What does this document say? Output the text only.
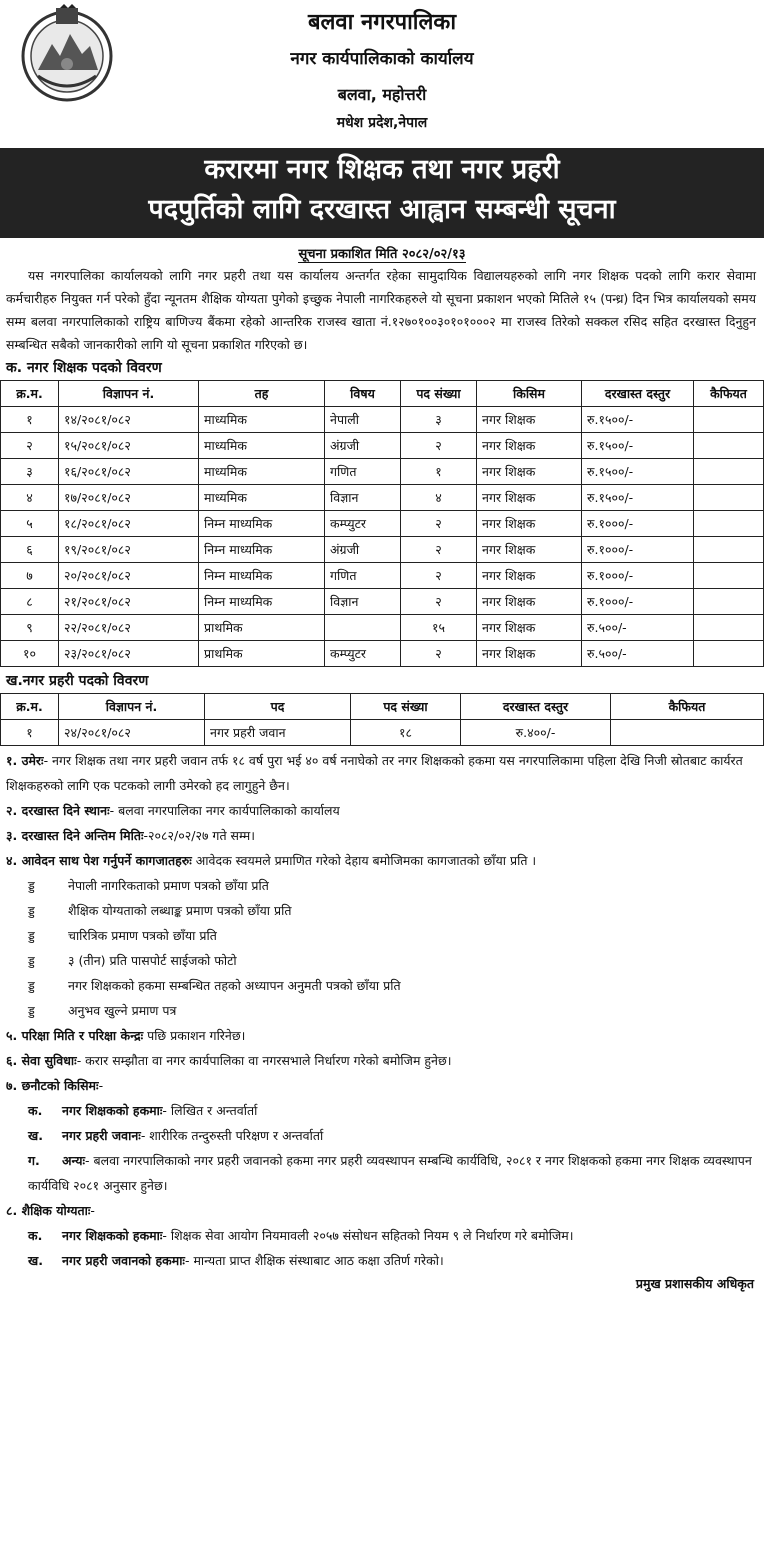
बलवा नगरपालिका
नगर कार्यपालिकाको कार्यालय
बलवा, महोत्तरी
मधेश प्रदेश,नेपाल
करारमा नगर शिक्षक तथा नगर प्रहरी
पदपुर्तिको लागि दरखास्त आह्वान सम्बन्धी सूचना
सूचना प्रकाशित मिति २०८२/०२/१३
यस नगरपालिका कार्यालयको लागि नगर प्रहरी तथा यस कार्यालय अन्तर्गत रहेका सामुदायिक विद्यालयहरुको लागि नगर शिक्षक पदको लागि करार सेवामा कर्मचारीहरु नियुक्त गर्न परेको हुँदा न्यूनतम शैक्षिक योग्यता पुगेको इच्छुक नेपाली नागरिकहरुले यो सूचना प्रकाशन भएको मितिले १५ (पन्ध्र) दिन भित्र कार्यालयको समय सम्म बलवा नगरपालिकाको राष्ट्रिय बाणिज्य बैंकमा रहेको आन्तरिक राजस्व खाता नं.१२७०१००३०१०१०००२ मा राजस्व तिरेको सक्कल रसिद सहित दरखास्त दिनुहुन सम्बन्धित सबैको जानकारीको लागि यो सूचना प्रकाशित गरिएको छ।
क. नगर शिक्षक पदको विवरण
क्र.म.	विज्ञापन नं.	तह	विषय	पद संख्या	किसिम	दरखास्त दस्तुर	कैफियत
१	१४/२०८१/०८२	माध्यमिक	नेपाली	३	नगर शिक्षक	रु.१५००/-	
२	१५/२०८१/०८२	माध्यमिक	अंग्रजी	२	नगर शिक्षक	रु.१५००/-	
३	१६/२०८१/०८२	माध्यमिक	गणित	१	नगर शिक्षक	रु.१५००/-	
४	१७/२०८१/०८२	माध्यमिक	विज्ञान	४	नगर शिक्षक	रु.१५००/-	
५	१८/२०८१/०८२	निम्न माध्यमिक	कम्प्युटर	२	नगर शिक्षक	रु.१०००/-	
६	१९/२०८१/०८२	निम्न माध्यमिक	अंग्रजी	२	नगर शिक्षक	रु.१०००/-	
७	२०/२०८१/०८२	निम्न माध्यमिक	गणित	२	नगर शिक्षक	रु.१०००/-	
८	२१/२०८१/०८२	निम्न माध्यमिक	विज्ञान	२	नगर शिक्षक	रु.१०००/-	
९	२२/२०८१/०८२	प्राथमिक		१५	नगर शिक्षक	रु.५००/-	
१०	२३/२०८१/०८२	प्राथमिक	कम्प्युटर	२	नगर शिक्षक	रु.५००/-	
ख.नगर प्रहरी पदको विवरण
क्र.म.	विज्ञापन नं.	पद	पद संख्या	दरखास्त दस्तुर	कैफियत
१	२४/२०८१/०८२	नगर प्रहरी जवान	१८	रु.४००/-	

१. उमेरः- नगर शिक्षक तथा नगर प्रहरी जवान तर्फ १८ वर्ष पुरा भई ४० वर्ष ननाघेको तर नगर शिक्षकको हकमा यस नगरपालिकामा पहिला देखि निजी स्रोतबाट कार्यरत शिक्षकहरुको लागि एक पटकको लागी उमेरको हद लागुहुने छैन।

२. दरखास्त दिने स्थानः- बलवा नगरपालिका नगर कार्यपालिकाको कार्यालय

३. दरखास्त दिने अन्तिम मितिः-२०८२/०२/२७ गते सम्म।

४. आवेदन साथ पेश गर्नुपर्ने कागजातहरुः आवेदक स्वयमले प्रमाणित गरेको देहाय बमोजिमका कागजातको छाँया प्रति ।

ड्ड	नेपाली नागरिकताको प्रमाण पत्रको छाँया प्रति
ड्ड	शैक्षिक योग्यताको लब्धाङ्क प्रमाण पत्रको छाँया प्रति
ड्ड	चारित्रिक प्रमाण पत्रको छाँया प्रति
ड्ड	३ (तीन) प्रति पासपोर्ट साईजको फोटो
ड्ड	नगर शिक्षकको हकमा सम्बन्धित तहको अध्यापन अनुमती पत्रको छाँया प्रति
ड्ड	अनुभव खुल्ने प्रमाण पत्र

५. परिक्षा मिति र परिक्षा केन्द्रः पछि प्रकाशन गरिनेछ।

६. सेवा सुविधाः- करार सम्झौता वा नगर कार्यपालिका वा नगरसभाले निर्धारण गरेको बमोजिम हुनेछ।

७. छनौटको किसिमः-

क. नगर शिक्षकको हकमाः- लिखित र अन्तर्वार्ता
ख. नगर प्रहरी जवानः- शारीरिक तन्दुरुस्ती परिक्षण र अन्तर्वार्ता
ग. अन्यः- बलवा नगरपालिकाको नगर प्रहरी जवानको हकमा नगर प्रहरी व्यवस्थापन सम्बन्धि कार्यविधि, २०८१ र नगर शिक्षकको हकमा नगर शिक्षक व्यवस्थापन कार्यविधि २०८१ अनुसार हुनेछ।

८. शैक्षिक योग्यताः-

क. नगर शिक्षकको हकमाः- शिक्षक सेवा आयोग नियमावली २०५७ संसोधन सहितको नियम ९ ले निर्धारण गरे बमोजिम।
ख. नगर प्रहरी जवानको हकमाः- मान्यता प्राप्त शैक्षिक संस्थाबाट आठ कक्षा उतिर्ण गरेको।
प्रमुख प्रशासकीय अधिकृत
